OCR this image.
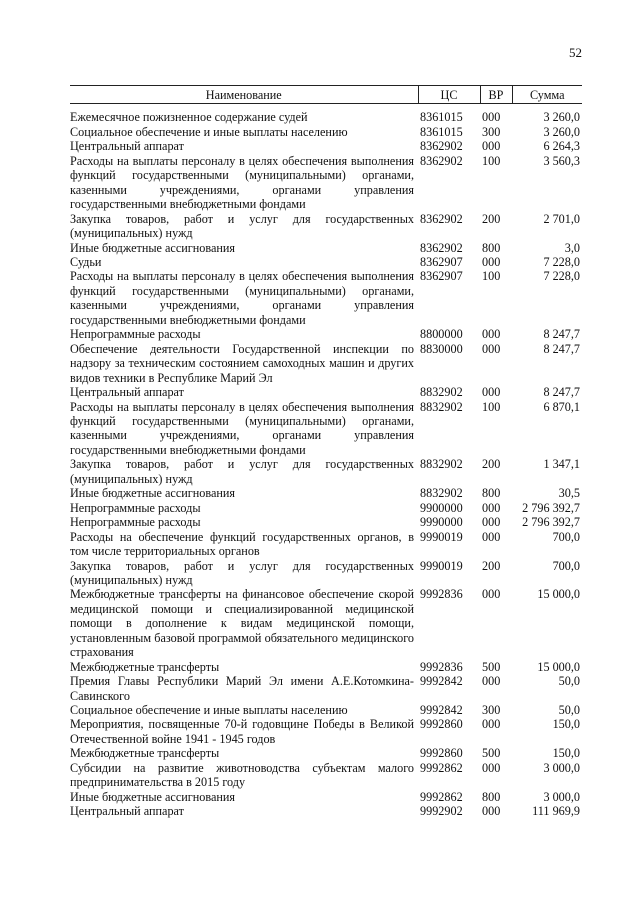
52
Наименование	ЦС	ВР	Сумма
Ежемесячное пожизненное содержание судей	8361015	000	3 260,0
Социальное обеспечение и иные выплаты населению	8361015	300	3 260,0
Центральный аппарат	8362902	000	6 264,3
Расходы на выплаты персоналу в целях обеспечения выполнения функций государственными (муниципальными) органами, казенными учреждениями, органами управления государственными внебюджетными фондами	8362902	100	3 560,3
Закупка товаров, работ и услуг для государственных (муниципальных) нужд	8362902	200	2 701,0
Иные бюджетные ассигнования	8362902	800	3,0
Судьи	8362907	000	7 228,0
Расходы на выплаты персоналу в целях обеспечения выполнения функций государственными (муниципальными) органами, казенными учреждениями, органами управления государственными внебюджетными фондами	8362907	100	7 228,0
Непрограммные расходы	8800000	000	8 247,7
Обеспечение деятельности Государственной инспекции по надзору за техническим состоянием самоходных машин и других видов техники в Республике Марий Эл	8830000	000	8 247,7
Центральный аппарат	8832902	000	8 247,7
Расходы на выплаты персоналу в целях обеспечения выполнения функций государственными (муниципальными) органами, казенными учреждениями, органами управления государственными внебюджетными фондами	8832902	100	6 870,1
Закупка товаров, работ и услуг для государственных (муниципальных) нужд	8832902	200	1 347,1
Иные бюджетные ассигнования	8832902	800	30,5
Непрограммные расходы	9900000	000	2 796 392,7
Непрограммные расходы	9990000	000	2 796 392,7
Расходы на обеспечение функций государственных органов, в том числе территориальных органов	9990019	000	700,0
Закупка товаров, работ и услуг для государственных (муниципальных) нужд	9990019	200	700,0
Межбюджетные трансферты на финансовое обеспечение скорой медицинской помощи и специализированной медицинской помощи в дополнение к видам медицинской помощи, установленным базовой программой обязательного медицинского страхования	9992836	000	15 000,0
Межбюджетные трансферты	9992836	500	15 000,0
Премия Главы Республики Марий Эл имени А.Е.Котомкина-Савинского	9992842	000	50,0
Социальное обеспечение и иные выплаты населению	9992842	300	50,0
Мероприятия, посвященные 70-й годовщине Победы в Великой Отечественной войне 1941 - 1945 годов	9992860	000	150,0
Межбюджетные трансферты	9992860	500	150,0
Субсидии на развитие животноводства субъектам малого предпринимательства в 2015 году	9992862	000	3 000,0
Иные бюджетные ассигнования	9992862	800	3 000,0
Центральный аппарат	9992902	000	111 969,9
